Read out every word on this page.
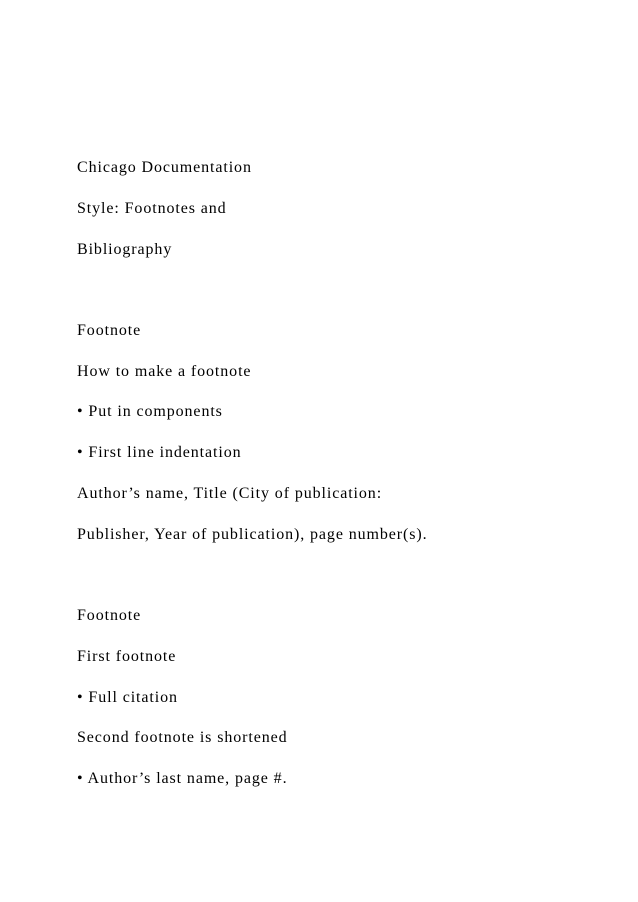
Chicago Documentation
Style: Footnotes and
Bibliography
Footnote
How to make a footnote
• Put in components
• First line indentation
Author’s name, Title (City of publication:
Publisher, Year of publication), page number(s).
Footnote
First footnote
• Full citation
Second footnote is shortened
• Author’s last name, page #.
